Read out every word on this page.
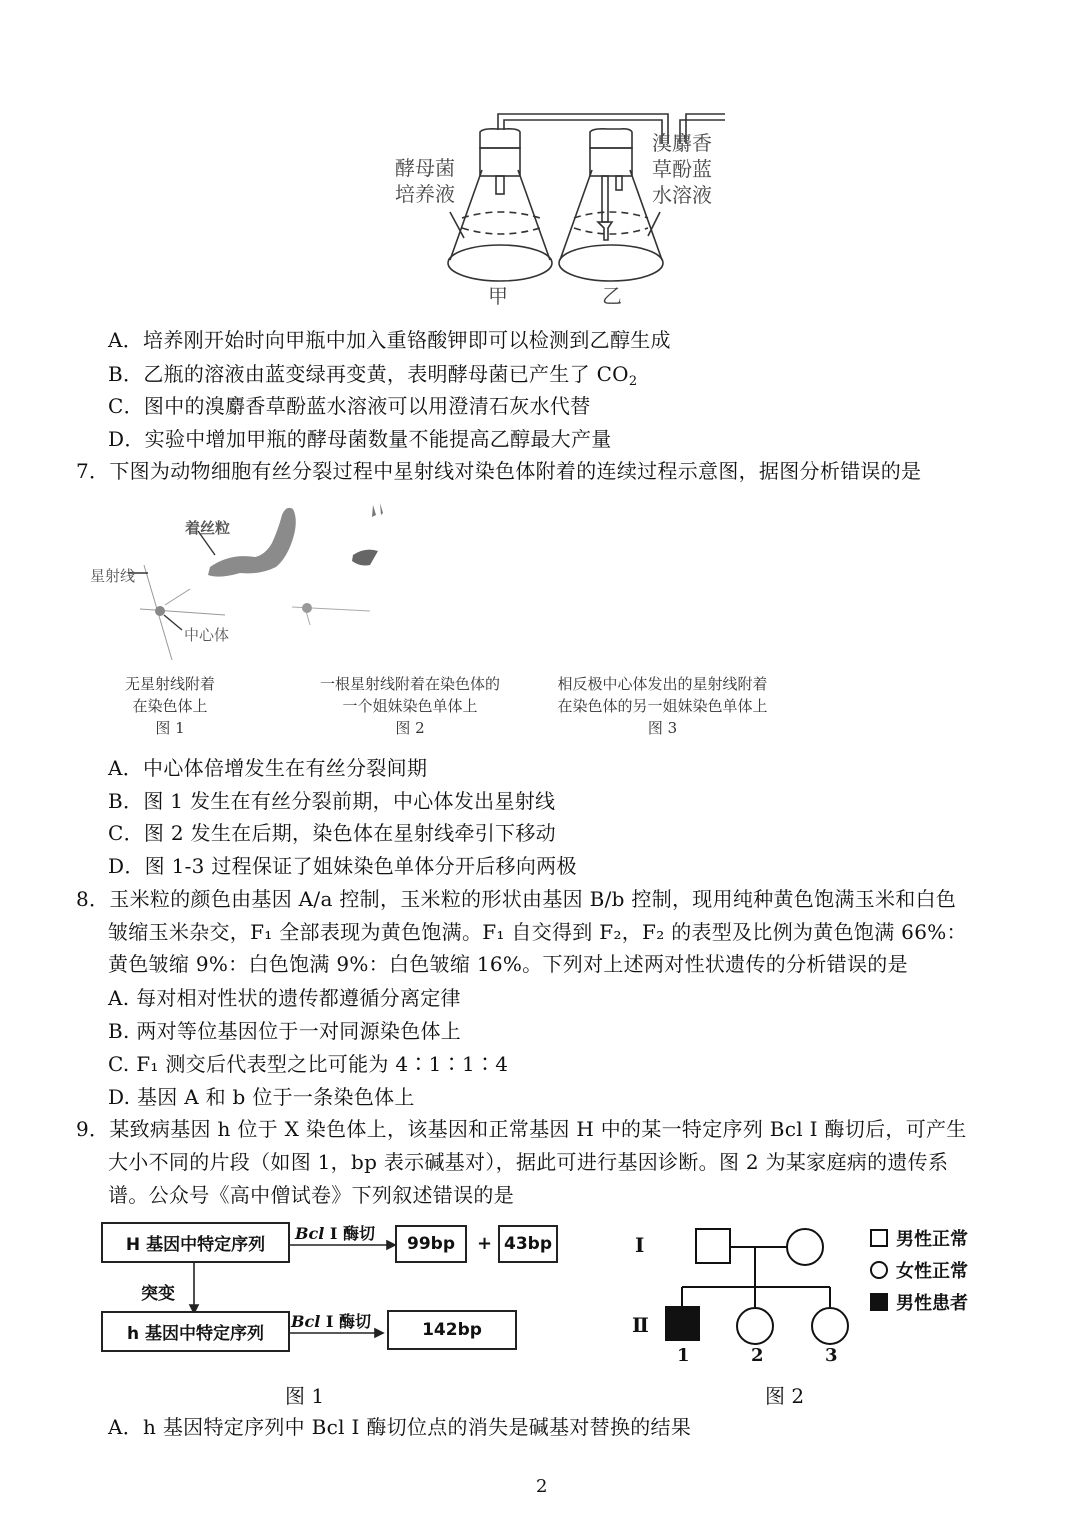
酵母菌
培养液
溴麝香
草酚蓝
水溶液
甲	乙
A．培养刚开始时向甲瓶中加入重铬酸钾即可以检测到乙醇生成
B．乙瓶的溶液由蓝变绿再变黄，表明酵母菌已产生了 $CO_2$
C．图中的溴麝香草酚蓝水溶液可以用澄清石灰水代替
D．实验中增加甲瓶的酵母菌数量不能提高乙醇最大产量
7．下图为动物细胞有丝分裂过程中星射线对染色体附着的连续过程示意图，据图分析错误的是
着丝粒
星射线
中心体
无星射线附着
在染色体上
图 1
一根星射线附着在染色体的
一个姐妹染色单体上
图 2
相反极中心体发出的星射线附着
在染色体的另一姐妹染色单体上
图 3
A．中心体倍增发生在有丝分裂间期
B．图 1 发生在有丝分裂前期，中心体发出星射线
C．图 2 发生在后期，染色体在星射线牵引下移动
D．图 1-3 过程保证了姐妹染色单体分开后移向两极
8．玉米粒的颜色由基因 A/a 控制，玉米粒的形状由基因 B/b 控制，现用纯种黄色饱满玉米和白色
皱缩玉米杂交，F₁ 全部表现为黄色饱满。F₁ 自交得到 F₂，F₂ 的表型及比例为黄色饱满 66%：
黄色皱缩 9%：白色饱满 9%：白色皱缩 16%。下列对上述两对性状遗传的分析错误的是
A. 每对相对性状的遗传都遵循分离定律
B. 两对等位基因位于一对同源染色体上
C. F₁ 测交后代表型之比可能为 4∶1∶1∶4
D. 基因 A 和 b 位于一条染色体上
9．某致病基因 h 位于 X 染色体上，该基因和正常基因 H 中的某一特定序列 Bcl I 酶切后，可产生
大小不同的片段（如图 1，bp 表示碱基对），据此可进行基因诊断。图 2 为某家庭病的遗传系
谱。公众号《高中僧试卷》下列叙述错误的是
H 基因中特定序列
Bcl Ⅰ 酶切
99bp	+ 43bp
突变
h 基因中特定序列
Bcl Ⅰ 酶切	142bp
图 1
Ⅰ
Ⅱ
1	2	3
男性正常
女性正常
男性患者
图 2
A．h 基因特定序列中 Bcl I 酶切位点的消失是碱基对替换的结果
2
